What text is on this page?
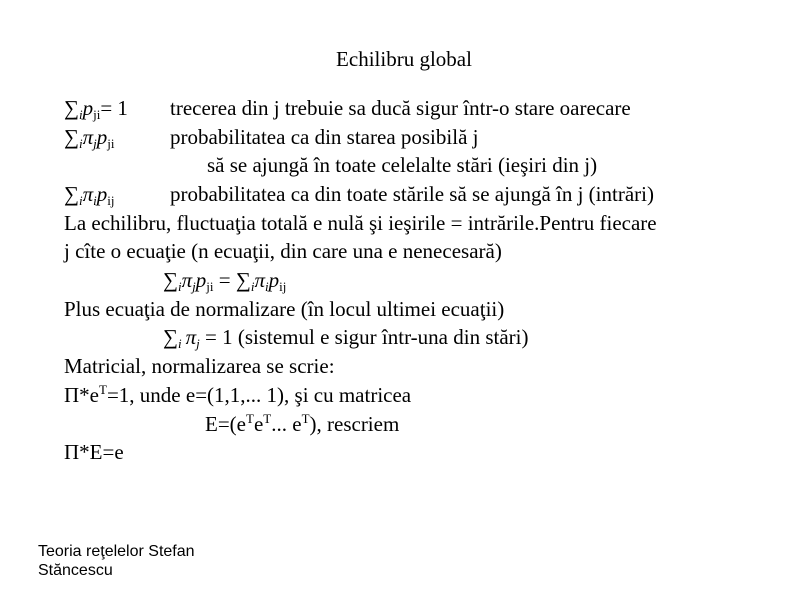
Echilibru global
$\sum_ip_{ji}= 1$ trecerea din j trebuie sa ducă sigur într-o stare oarecare
$\sum_i\pi_jp_{ji}$	probabilitatea ca din starea posibilă j
să se ajungă în toate celelalte stări (ieşiri din j)
$\sum_i\pi_ip_{ij}$	probabilitatea ca din toate stările să se ajungă în j (intrări)
La echilibru, fluctuaţia totală e nulă şi ieşirile = intrările.Pentru fiecare
j cîte o ecuaţie (n ecuaţii, din care una e nenecesară)
$\sum_i\pi_jp_{ji} = \sum_i\pi_ip_{ij}$
Plus ecuaţia de normalizare (în locul ultimei ecuaţii)
$\sum_i$ $\pi_j = 1$ (sistemul e sigur într-una din stări)
Matricial, normalizarea se scrie:
$\Pi*e^T=1$, unde e=(1,1,... 1), şi cu matricea
$E=(e^Te^T$... $e^T$), rescriem
Π*E=e
Teoria reţelelor Stefan
Stăncescu
